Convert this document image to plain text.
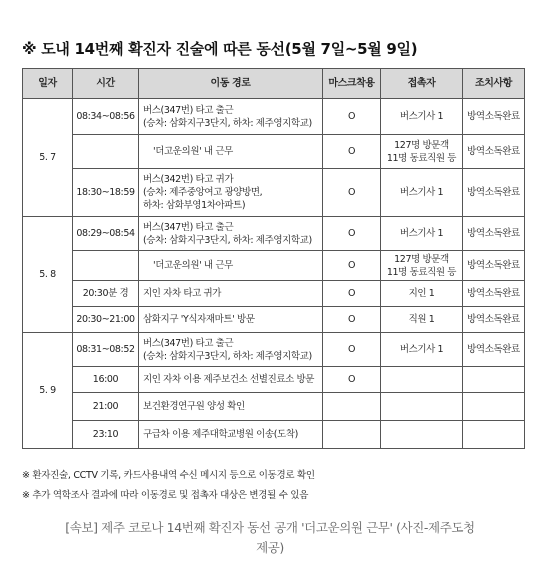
※ 도내 14번째 확진자 진술에 따른 동선(5월 7일~5월 9일)
일자	시간	이동 경로	마스크착용	접촉자	조치사항
5. 7	08:34~08:56	버스(347번) 타고 출근
(승차: 삼화지구3단지, 하차: 제주영지학교)	O	버스기사 1	방역소독완료

		'더고운의원' 내 근무	O	127명 방문객
11명 동료직원 등	방역소독완료
	18:30~18:59	버스(342번) 타고 귀가
(승차: 제주중앙여고 광양방면,
하차: 삼화부영1차아파트)	O	버스기사 1	방역소독완료
5. 8	08:29~08:54	버스(347번) 타고 출근
(승차: 삼화지구3단지, 하차: 제주영지학교)	O	버스기사 1	방역소독완료

		'더고운의원' 내 근무	O	127명 방문객
11명 동료직원 등	방역소독완료
	20:30분 경	지인 자차 타고 귀가	O	지인 1	방역소독완료
	20:30~21:00	삼화지구 'Y식자재마트' 방문	O	직원 1	방역소독완료
5. 9	08:31~08:52	버스(347번) 타고 출근
(승차: 삼화지구3단지, 하차: 제주영지학교)	O	버스기사 1	방역소독완료
	16:00	지인 자차 이용 제주보건소 선별진료소 방문	O		
	21:00	보건환경연구원 양성 확인			

	23:10	구급차 이용 제주대학교병원 이송(도착)			

※ 환자진술, CCTV 기록, 카드사용내역 수신 메시지 등으로 이동경로 확인
※ 추가 역학조사 결과에 따라 이동경로 및 접촉자 대상은 변경될 수 있음
[속보] 제주 코로나 14번째 확진자 동선 공개 '더고운의원 근무' (사진-제주도청
제공)
